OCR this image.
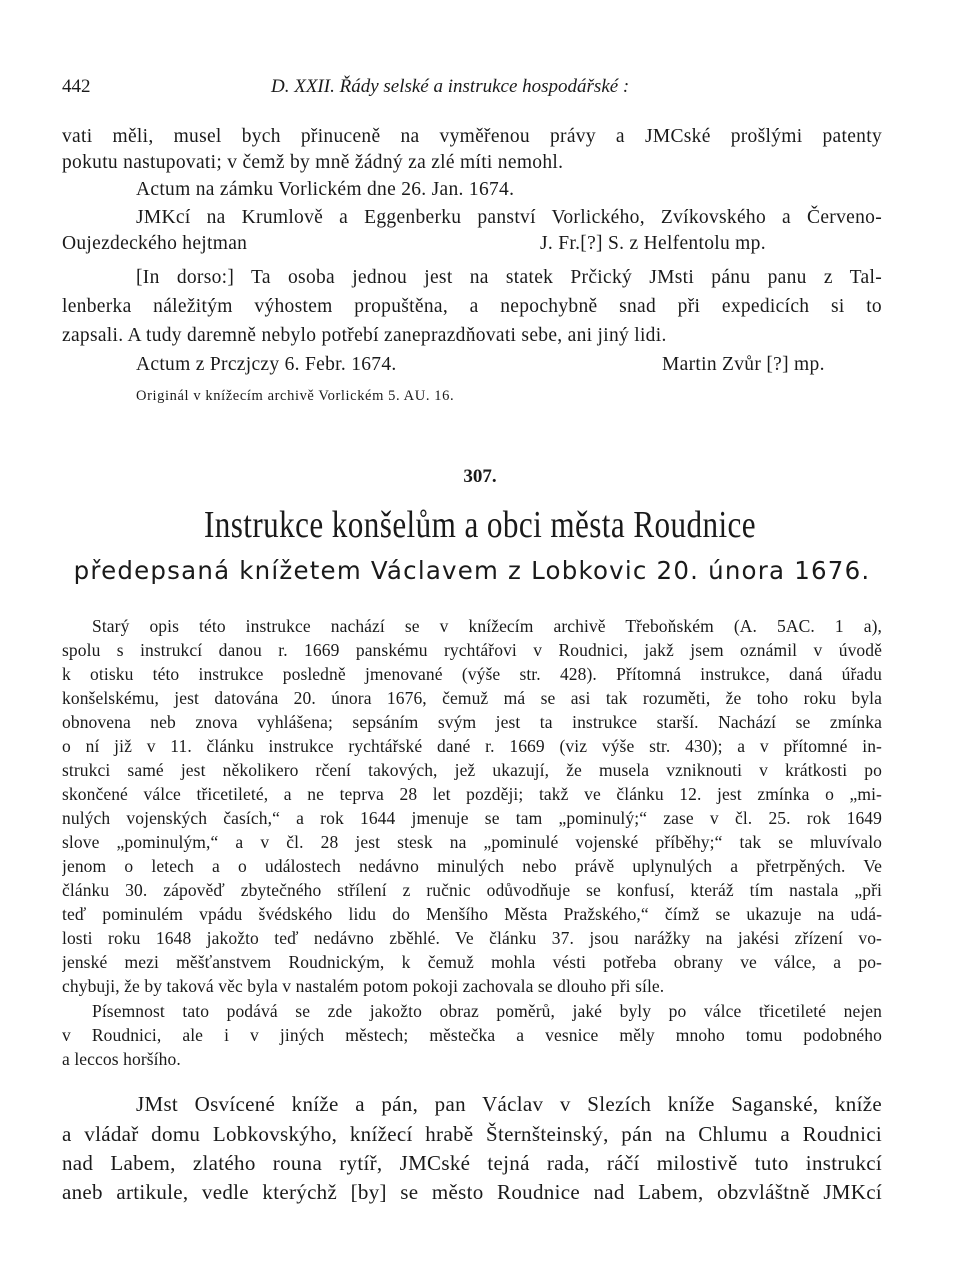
442	D. XXII. Řády selské a instrukce hospodářské :
vati měli, musel bych přinuceně na vyměřenou právy a JMCské prošlými patenty
pokutu nastupovati; v čemž by mně žádný za zlé míti nemohl.
Actum na zámku Vorlickém dne 26. Jan. 1674.
JMKcí na Krumlově a Eggenberku panství Vorlického, Zvíkovského a Červeno-
Oujezdeckého hejtman	J. Fr.[?] S. z Helfentolu mp.
[In dorso:] Ta osoba jednou jest na statek Prčický JMsti pánu panu z Tal-
lenberka náležitým výhostem propuštěna, a nepochybně snad při expedicích si to
zapsali. A tudy daremně nebylo potřebí zaneprazdňovati sebe, ani jiný lidi.
Actum z Prczjczy 6. Febr. 1674.	Martin Zvůr [?] mp.
Originál v knížecím archivě Vorlickém 5. AU. 16.
307.
Instrukce konšelům a obci města Roudnice
předepsaná knížetem Václavem z Lobkovic 20. února 1676.
Starý opis této instrukce nachází se v knížecím archivě Třeboňském (A. 5AC. 1 a),
spolu s instrukcí danou r. 1669 panskému rychtářovi v Roudnici, jakž jsem oznámil v úvodě
k otisku této instrukce posledně jmenované (výše str. 428). Přítomná instrukce, daná úřadu
konšelskému, jest datována 20. února 1676, čemuž má se asi tak rozuměti, že toho roku byla
obnovena neb znova vyhlášena; sepsáním svým jest ta instrukce starší. Nachází se zmínka
o ní již v 11. článku instrukce rychtářské dané r. 1669 (viz výše str. 430); a v přítomné in-
strukci samé jest několikero rčení takových, jež ukazují, že musela vzniknouti v krátkosti po
skončené válce třicetileté, a ne teprva 28 let později; takž ve článku 12. jest zmínka o „mi-
nulých vojenských časích,“ a rok 1644 jmenuje se tam „pominulý;“ zase v čl. 25. rok 1649
slove „pominulým,“ a v čl. 28 jest stesk na „pominulé vojenské příběhy;“ tak se mluvívalo
jenom o letech a o událostech nedávno minulých nebo právě uplynulých a přetrpěných. Ve
článku 30. zápověď zbytečného střílení z ručnic odůvodňuje se konfusí, kteráž tím nastala „při
teď pominulém vpádu švédského lidu do Menšího Města Pražského,“ čímž se ukazuje na udá-
losti roku 1648 jakožto teď nedávno zběhlé. Ve článku 37. jsou narážky na jakési zřízení vo-
jenské mezi měšťanstvem Roudnickým, k čemuž mohla vésti potřeba obrany ve válce, a po-
chybuji, že by taková věc byla v nastalém potom pokoji zachovala se dlouho při síle.
Písemnost tato podává se zde jakožto obraz poměrů, jaké byly po válce třicetileté nejen
v Roudnici, ale i v jiných městech; městečka a vesnice měly mnoho tomu podobného
a leccos horšího.
JMst Osvícené kníže a pán, pan Václav v Slezích kníže Saganské, kníže
a vládař domu Lobkovskýho, knížecí hrabě Šternšteinský, pán na Chlumu a Roudnici
nad Labem, zlatého rouna rytíř, JMCské tejná rada, ráčí milostivě tuto instrukcí
aneb artikule, vedle kterýchž [by] se město Roudnice nad Labem, obzvláštně JMKcí
